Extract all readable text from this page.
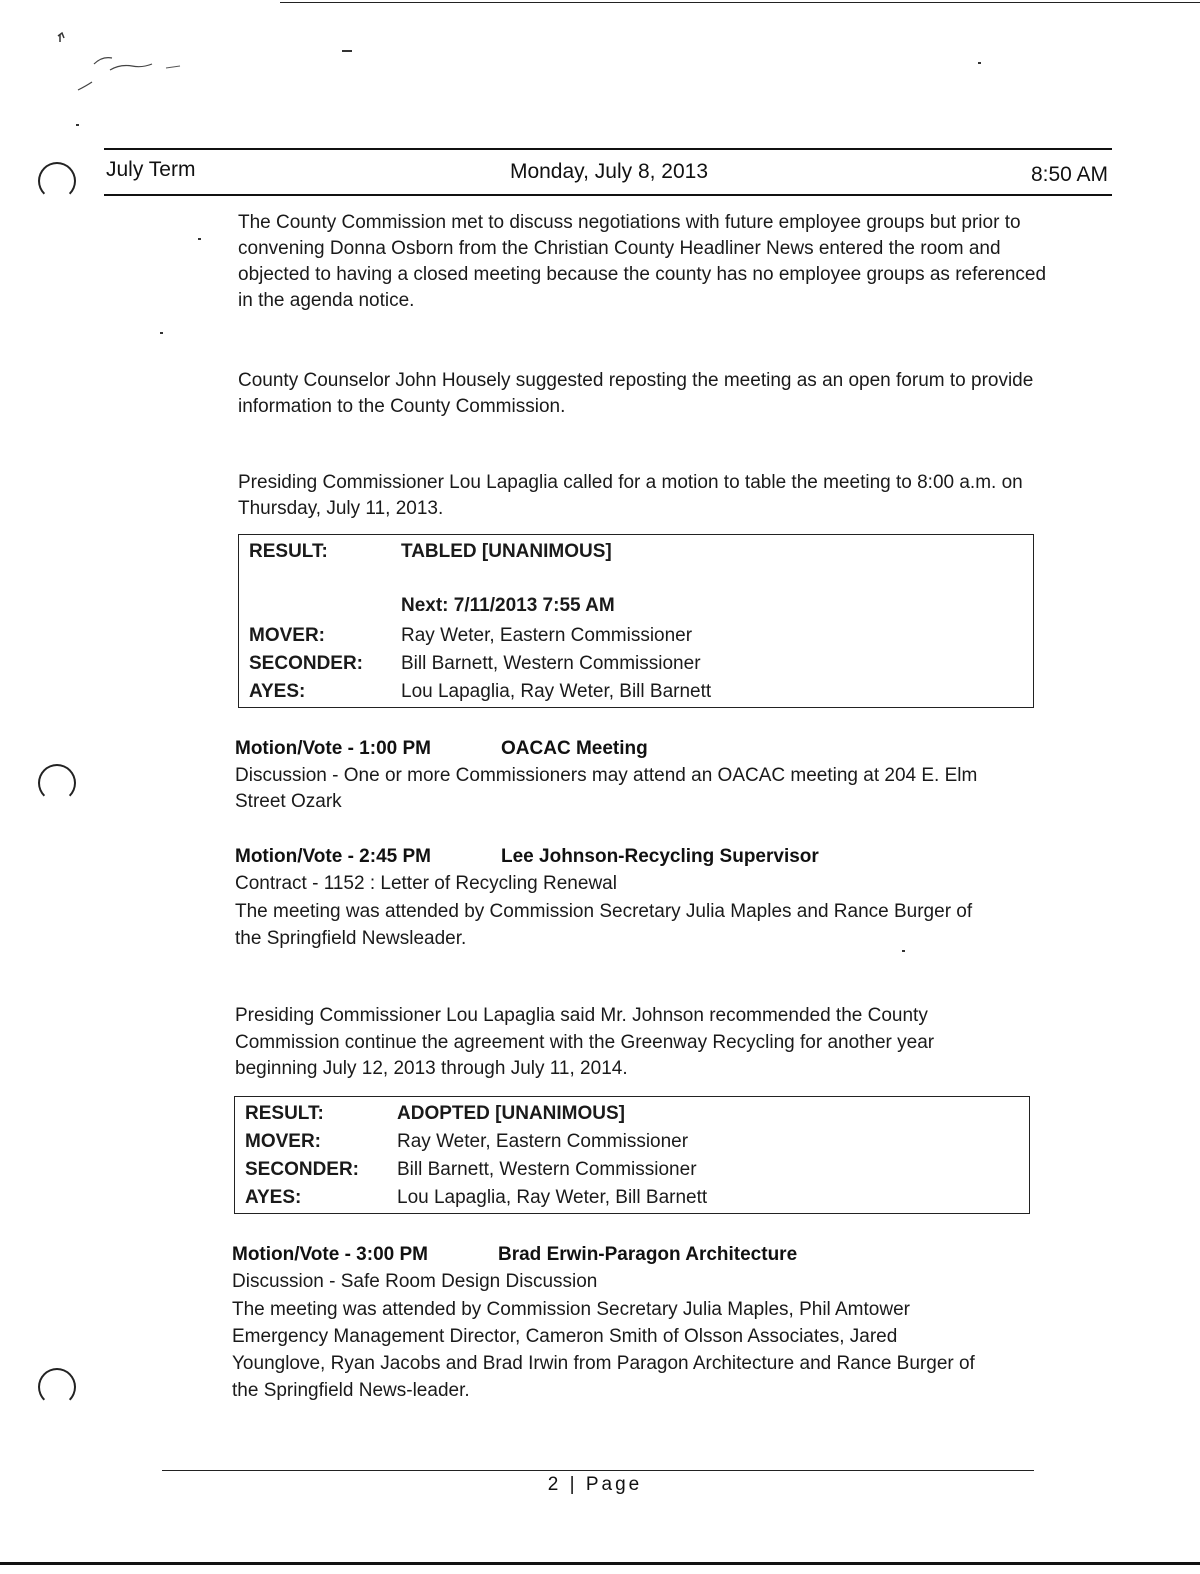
July Term	Monday, July 8, 2013	8:50 AM

The County Commission met to discuss negotiations with future employee groups but prior to convening Donna Osborn from the Christian County Headliner News entered the room and objected to having a closed meeting because the county has no employee groups as referenced in the agenda notice.

County Counselor John Housely suggested reposting the meeting as an open forum to provide information to the County Commission.

Presiding Commissioner Lou Lapaglia called for a motion to table the meeting to 8:00 a.m. on Thursday, July 11, 2013.

RESULT:	TABLED [UNANIMOUS]
Next: 7/11/2013 7:55 AM
MOVER:	Ray Weter, Eastern Commissioner
SECONDER: Bill Barnett, Western Commissioner
AYES:	Lou Lapaglia, Ray Weter, Bill Barnett
Motion/Vote - 1:00 PM	OACAC Meeting
Discussion - One or more Commissioners may attend an OACAC meeting at 204 E. Elm
Street Ozark
Motion/Vote - 2:45 PM	Lee Johnson-Recycling Supervisor
Contract - 1152 : Letter of Recycling Renewal
The meeting was attended by Commission Secretary Julia Maples and Rance Burger of
the Springfield Newsleader.
Presiding Commissioner Lou Lapaglia said Mr. Johnson recommended the County
Commission continue the agreement with the Greenway Recycling for another year
beginning July 12, 2013 through July 11, 2014.
RESULT:	ADOPTED [UNANIMOUS]
MOVER:	Ray Weter, Eastern Commissioner
SECONDER: Bill Barnett, Western Commissioner
AYES:	Lou Lapaglia, Ray Weter, Bill Barnett
Motion/Vote - 3:00 PM	Brad Erwin-Paragon Architecture
Discussion - Safe Room Design Discussion
The meeting was attended by Commission Secretary Julia Maples, Phil Amtower
Emergency Management Director, Cameron Smith of Olsson Associates, Jared
Younglove, Ryan Jacobs and Brad Irwin from Paragon Architecture and Rance Burger of
the Springfield News-leader.
2 | Page
